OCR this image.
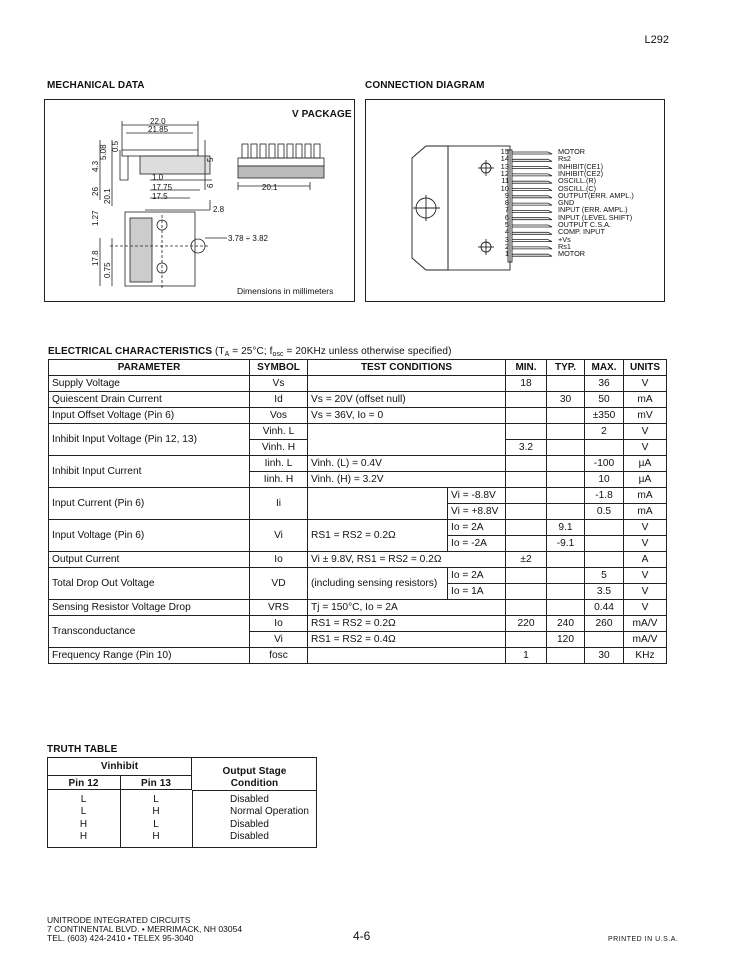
L292
MECHANICAL DATA	CONNECTION DIAGRAM
V PACKAGE
Dimensions in millimeters
22.0
21.85
1.0
17.75
17.5
2.8
3.78 ÷ 3.82
20.1
4.3
5.08 0.5
26 20.1
1.27
17.8
0.75
5
6
15	MOTOR
14	Rs2
13	INHIBIT(CE1)
12	INHIBIT(CE2)
11	OSCILL.(R)
10	OSCILL.(C)
9	OUTPUT(ERR. AMPL.)
8	GND
7	INPUT (ERR. AMPL.)
6	INPUT (LEVEL SHIFT)
5	OUTPUT C.S.A.
4	COMP. INPUT
3	+Vs
2	Rs1
1	MOTOR
ELECTRICAL CHARACTERISTICS ($T_A = 25^\circ C$; $f_{osc} = 20KHz$ unless otherwise specified)
PARAMETER	SYMBOL	TEST CONDITIONS		MIN.	TYP.	MAX.	UNITS
Supply Voltage	Vs			18		36	V
Quiescent Drain Current	Id	Vs = 20V (offset null)			30	50	mA
Input Offset Voltage (Pin 6)	Vos	Vs = 36V, Io = 0				±350	mV
Inhibit Input Voltage (Pin 12, 13)	Vinh. L					2	V
	Vinh. H			3.2			V
Inhibit Input Current	Iinh. L	Vinh. (L) = 0.4V				-100	µA
	Iinh. H	Vinh. (H) = 3.2V				10	µA
Input Current (Pin 6)	Ii		Vi = -8.8V			-1.8	mA
			Vi = +8.8V			0.5	mA
Input Voltage (Pin 6)	Vi	RS1 = RS2 = 0.2Ω	Io = 2A		9.1		V
			Io = -2A		-9.1		V
Output Current	Io	Vi ± 9.8V, RS1 = RS2 = 0.2Ω		±2			A
Total Drop Out Voltage	VD	(including sensing resistors)	Io = 2A			5	V
			Io = 1A			3.5	V
Sensing Resistor Voltage Drop	VRS	Tj = 150°C, Io = 2A				0.44	V
Transconductance	Io	RS1 = RS2 = 0.2Ω		220	240	260	mA/V
	Vi	RS1 = RS2 = 0.4Ω			120		mA/V
Frequency Range (Pin 10)	fosc			1		30	KHz
TRUTH TABLE
Vinhibit
Pin 12	Pin 13
Output Stage
Condition
L	L	Disabled
L	H	Normal Operation
H	L	Disabled
H	H	Disabled
UNITRODE INTEGRATED CIRCUITS
7 CONTINENTAL BLVD. • MERRIMACK, NH 03054
TEL. (603) 424-2410 • TELEX 95-3040	4-6	PRINTED IN U.S.A.
